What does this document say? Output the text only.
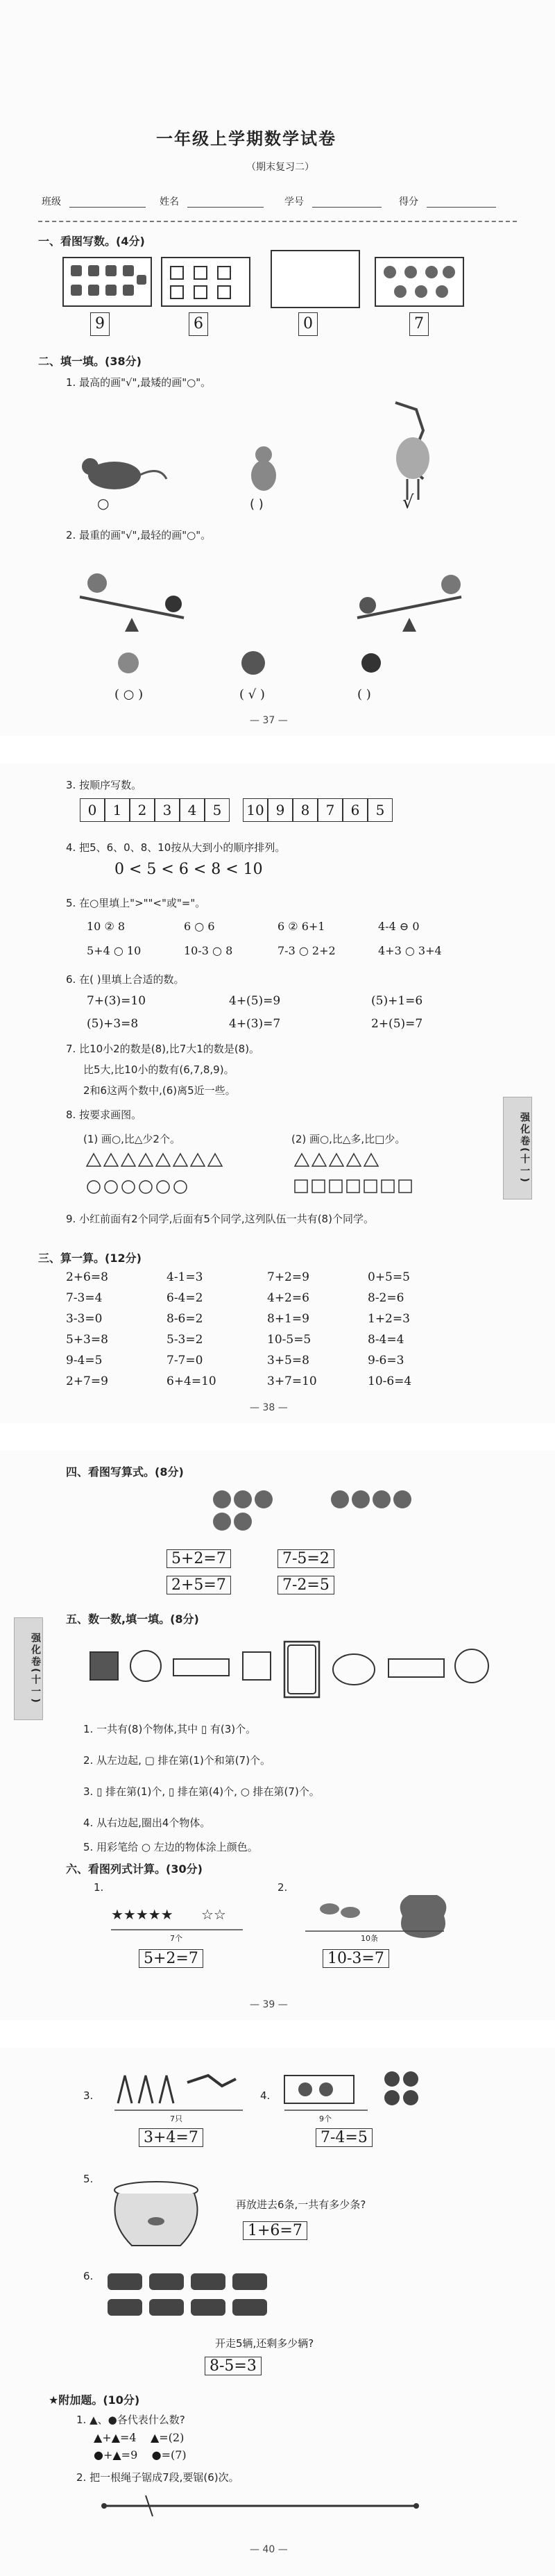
一年级上学期数学试卷
（期末复习二）
班级	姓名	学号	得分
一、看图写数。(4分)
9	6	0	7
二、填一填。(38分)
1. 最高的画"√",最矮的画"○"。
○	( )	√
2. 最重的画"√",最轻的画"○"。
( ○ )	( √ )	( )
— 37 —
3. 按顺序写数。
0	1	2	3	4	5	10 9	8	7	6	5
4. 把5、6、0、8、10按从大到小的顺序排列。
0 < 5 < 6 < 8 < 10
5. 在○里填上">""<"或"="。
10 ② 8	6 ○ 6	6 ② 6+1	4-4 ⊖ 0
5+4 ○ 10	10-3 ○ 8	7-3 ○ 2+2	4+3 ○ 3+4
6. 在( )里填上合适的数。
7+(3)=10	4+(5)=9	(5)+1=6
(5)+3=8	4+(3)=7	2+(5)=7
7. 比10小2的数是(8),比7大1的数是(8)。
比5大,比10小的数有(6,7,8,9)。
2和6这两个数中,(6)离5近一些。
8. 按要求画图。
(1) 画○,比△少2个。	(2) 画○,比△多,比□少。
9. 小红前面有2个同学,后面有5个同学,这列队伍一共有(8)个同学。
强化卷(十一)
三、算一算。(12分)
2+6=8	4-1=3	7+2=9	0+5=5
7-3=4	6-4=2	4+2=6	8-2=6
3-3=0	8-6=2	8+1=9	1+2=3
5+3=8	5-3=2	10-5=5	8-4=4
9-4=5	7-7=0	3+5=8	9-6=3
2+7=9	6+4=10	3+7=10	10-6=4
— 38 —
四、看图写算式。(8分)
5+2=7
2+5=7
7-5=2
7-2=5
五、数一数,填一填。(8分)
1. 一共有(8)个物体,其中 ▯ 有(3)个。
2. 从左边起, ▢ 排在第(1)个和第(7)个。
3. ▯ 排在第(1)个, ▯ 排在第(4)个, ○ 排在第(7)个。
4. 从右边起,圈出4个物体。
5. 用彩笔给 ○ 左边的物体涂上颜色。
强化卷(十一)
六、看图列式计算。(30分)
1.
★★★★★ ☆☆
7个
5+2=7
2.
10条
10-3=7
— 39 —
3.
7只
3+4=7
4.
9个
7-4=5
5.
再放进去6条,一共有多少条?
1+6=7
6.
开走5辆,还剩多少辆?
8-5=3
★附加题。(10分)
1. ▲、●各代表什么数?
▲+▲=4    ▲=(2)
●+▲=9    ●=(7)
2. 把一根绳子锯成7段,要锯(6)次。
— 40 —
